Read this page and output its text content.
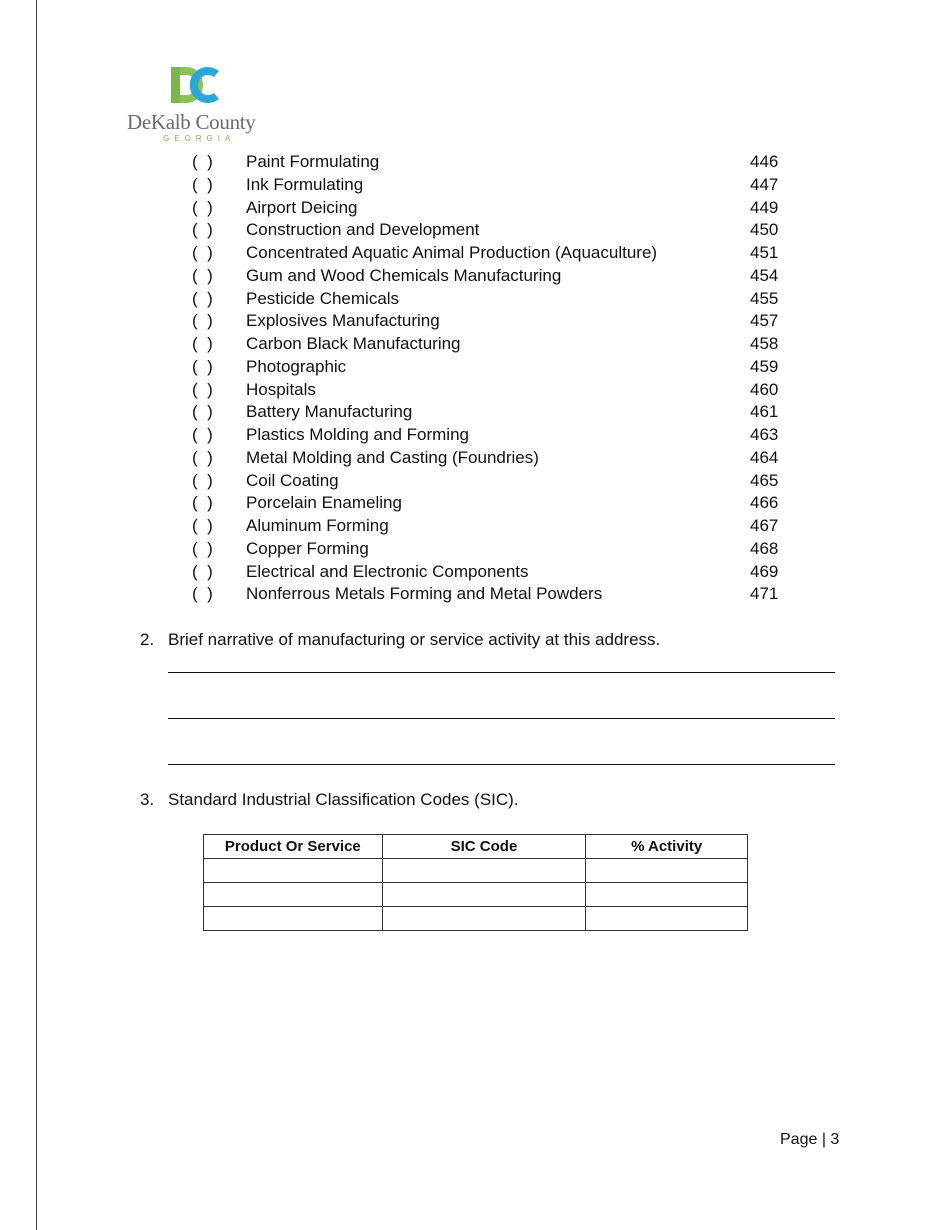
DeKalb County
GEORGIA
(  ) Paint Formulating	446
(  ) Ink Formulating	447
(  ) Airport Deicing	449
(  ) Construction and Development	450
(  ) Concentrated Aquatic Animal Production (Aquaculture)	451
(  ) Gum and Wood Chemicals Manufacturing	454
(  ) Pesticide Chemicals	455
(  ) Explosives Manufacturing	457
(  ) Carbon Black Manufacturing	458
(  ) Photographic	459
(  ) Hospitals	460
(  ) Battery Manufacturing	461
(  ) Plastics Molding and Forming	463
(  ) Metal Molding and Casting (Foundries)	464
(  ) Coil Coating	465
(  ) Porcelain Enameling	466
(  ) Aluminum Forming	467
(  ) Copper Forming	468
(  ) Electrical and Electronic Components	469
(  ) Nonferrous Metals Forming and Metal Powders	471
2. Brief narrative of manufacturing or service activity at this address.
3. Standard Industrial Classification Codes (SIC).
Product Or Service	SIC Code	% Activity

Page | 3
